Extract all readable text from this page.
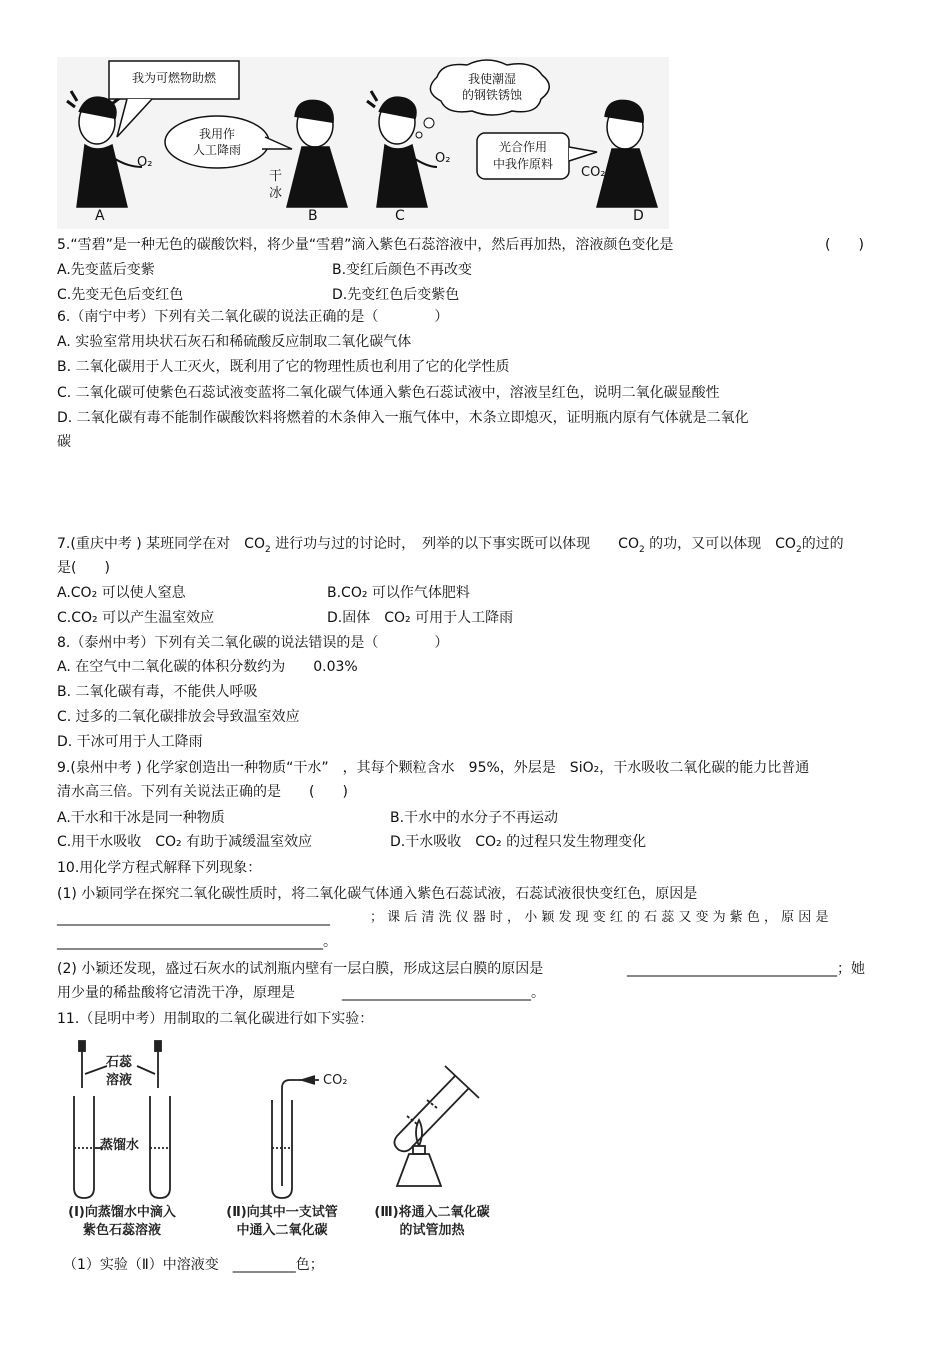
我为可燃物助燃
我用作
人工降雨
我使潮湿
的钢铁锈蚀
光合作用
中我作原料
O₂	O₂
CO₂
干
冰
A	B	C	D
5.“雪碧”是一种无色的碳酸饮料，将少量“雪碧”滴入紫色石蕊溶液中，然后再加热，溶液颜色变化是	(　　)
A.先变蓝后变紫	B.变红后颜色不再改变
C.先变无色后变红色	D.先变红色后变紫色
6.（南宁中考）下列有关二氧化碳的说法正确的是（　　　　）
A. 实验室常用块状石灰石和稀硫酸反应制取二氧化碳气体
B. 二氧化碳用于人工灭火，既利用了它的物理性质也利用了它的化学性质
C. 二氧化碳可使紫色石蕊试液变蓝将二氧化碳气体通入紫色石蕊试液中，溶液呈红色，说明二氧化碳显酸性
D. 二氧化碳有毒不能制作碳酸饮料将燃着的木条伸入一瓶气体中，木条立即熄灭，证明瓶内原有气体就是二氧化
碳
7.(重庆中考 ) 某班同学在对　$CO_2$ 进行功与过的讨论时，　列举的以下事实既可以体现　　$CO_2$ 的功，又可以体现　$CO_2$的过的
是(　　)
A.CO₂ 可以使人窒息	B.CO₂ 可以作气体肥料
C.CO₂ 可以产生温室效应	D.固体　CO₂ 可用于人工降雨
8.（泰州中考）下列有关二氧化碳的说法错误的是（　　　　）
A. 在空气中二氧化碳的体积分数约为　　0.03%
B. 二氧化碳有毒，不能供人呼吸
C. 过多的二氧化碳排放会导致温室效应
D. 干冰可用于人工降雨
9.(泉州中考 ) 化学家创造出一种物质“干水”　，其每个颗粒含水　95%，外层是　SiO₂，干水吸收二氧化碳的能力比普通
清水高三倍。下列有关说法正确的是　　(　　)
A.干水和干冰是同一种物质	B.干水中的水分子不再运动
C.用干水吸收　CO₂ 有助于减缓温室效应	D.干水吸收　CO₂ 的过程只发生物理变化
10.用化学方程式解释下列现象：
(1) 小颖同学在探究二氧化碳性质时，将二氧化碳气体通入紫色石蕊试液，石蕊试液很快变红色，原因是
_______________________________________	； 课 后 清 洗 仪 器 时 ， 小 颖 发 现 变 红 的 石 蕊 又 变 为 紫 色 ， 原 因 是
______________________________________。
(2) 小颖还发现，盛过石灰水的试剂瓶内壁有一层白膜，形成这层白膜的原因是	______________________________；她
用少量的稀盐酸将它清洗干净，原理是	___________________________。
11.（昆明中考）用制取的二氧化碳进行如下实验：
石蕊
溶液
蒸馏水
CO₂
(Ⅰ)向蒸馏水中滴入
紫色石蕊溶液
(Ⅱ)向其中一支试管
中通入二氧化碳
(Ⅲ)将通入二氧化碳
的试管加热
（1）实验（Ⅱ）中溶液变　_________色；
